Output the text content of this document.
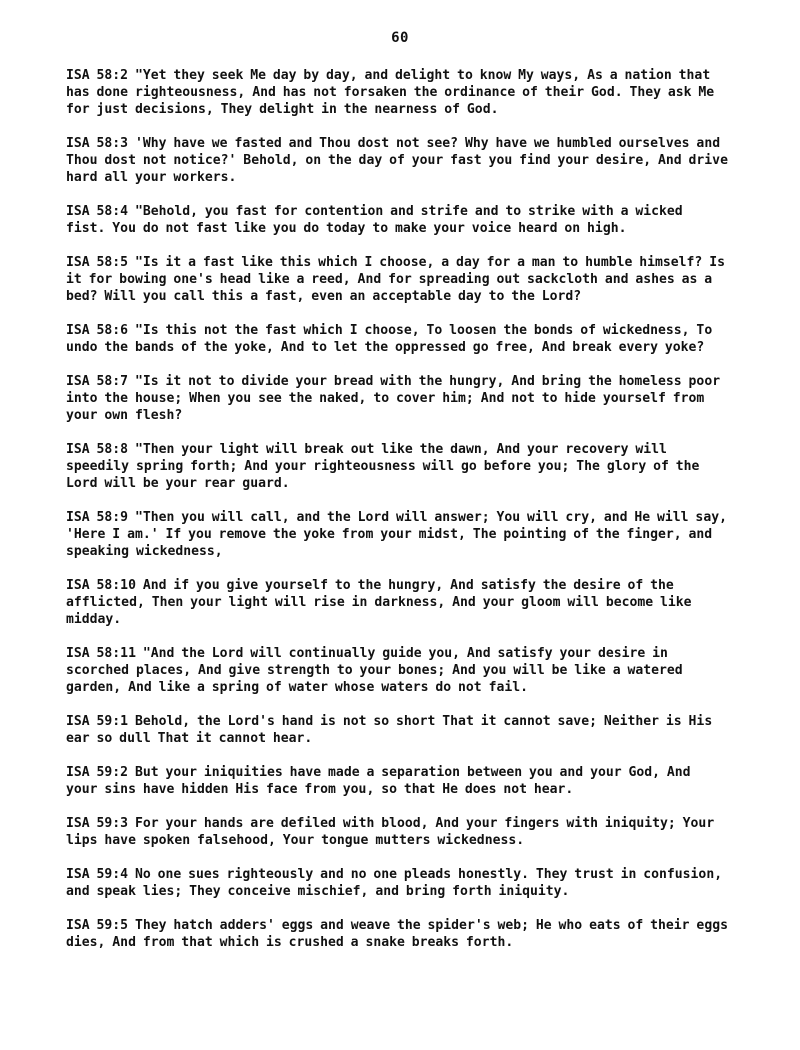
60

ISA 58:2 "Yet they seek Me day by day, and delight to know My ways, As a nation that has done righteousness, And has not forsaken the ordinance of their God. They ask Me for just decisions, They delight in the nearness of God.

ISA 58:3 'Why have we fasted and Thou dost not see? Why have we humbled ourselves and Thou dost not notice?' Behold, on the day of your fast you find your desire, And drive hard all your workers.

ISA 58:4 "Behold, you fast for contention and strife and to strike with a wicked fist. You do not fast like you do today to make your voice heard on high.

ISA 58:5 "Is it a fast like this which I choose, a day for a man to humble himself? Is it for bowing one's head like a reed, And for spreading out sackcloth and ashes as a bed? Will you call this a fast, even an acceptable day to the Lord?

ISA 58:6 "Is this not the fast which I choose, To loosen the bonds of wickedness, To undo the bands of the yoke, And to let the oppressed go free, And break every yoke?

ISA 58:7 "Is it not to divide your bread with the hungry, And bring the homeless poor into the house; When you see the naked, to cover him; And not to hide yourself from your own flesh?

ISA 58:8 "Then your light will break out like the dawn, And your recovery will speedily spring forth; And your righteousness will go before you; The glory of the Lord will be your rear guard.

ISA 58:9 "Then you will call, and the Lord will answer; You will cry, and He will say, 'Here I am.' If you remove the yoke from your midst, The pointing of the finger, and speaking wickedness,

ISA 58:10 And if you give yourself to the hungry, And satisfy the desire of the afflicted, Then your light will rise in darkness, And your gloom will become like midday.

ISA 58:11 "And the Lord will continually guide you, And satisfy your desire in scorched places, And give strength to your bones; And you will be like a watered garden, And like a spring of water whose waters do not fail.

ISA 59:1 Behold, the Lord's hand is not so short That it cannot save; Neither is His ear so dull That it cannot hear.

ISA 59:2 But your iniquities have made a separation between you and your God, And your sins have hidden His face from you, so that He does not hear.

ISA 59:3 For your hands are defiled with blood, And your fingers with iniquity; Your lips have spoken falsehood, Your tongue mutters wickedness.

ISA 59:4 No one sues righteously and no one pleads honestly. They trust in confusion, and speak lies; They conceive mischief, and bring forth iniquity.

ISA 59:5 They hatch adders' eggs and weave the spider's web; He who eats of their eggs dies, And from that which is crushed a snake breaks forth.
